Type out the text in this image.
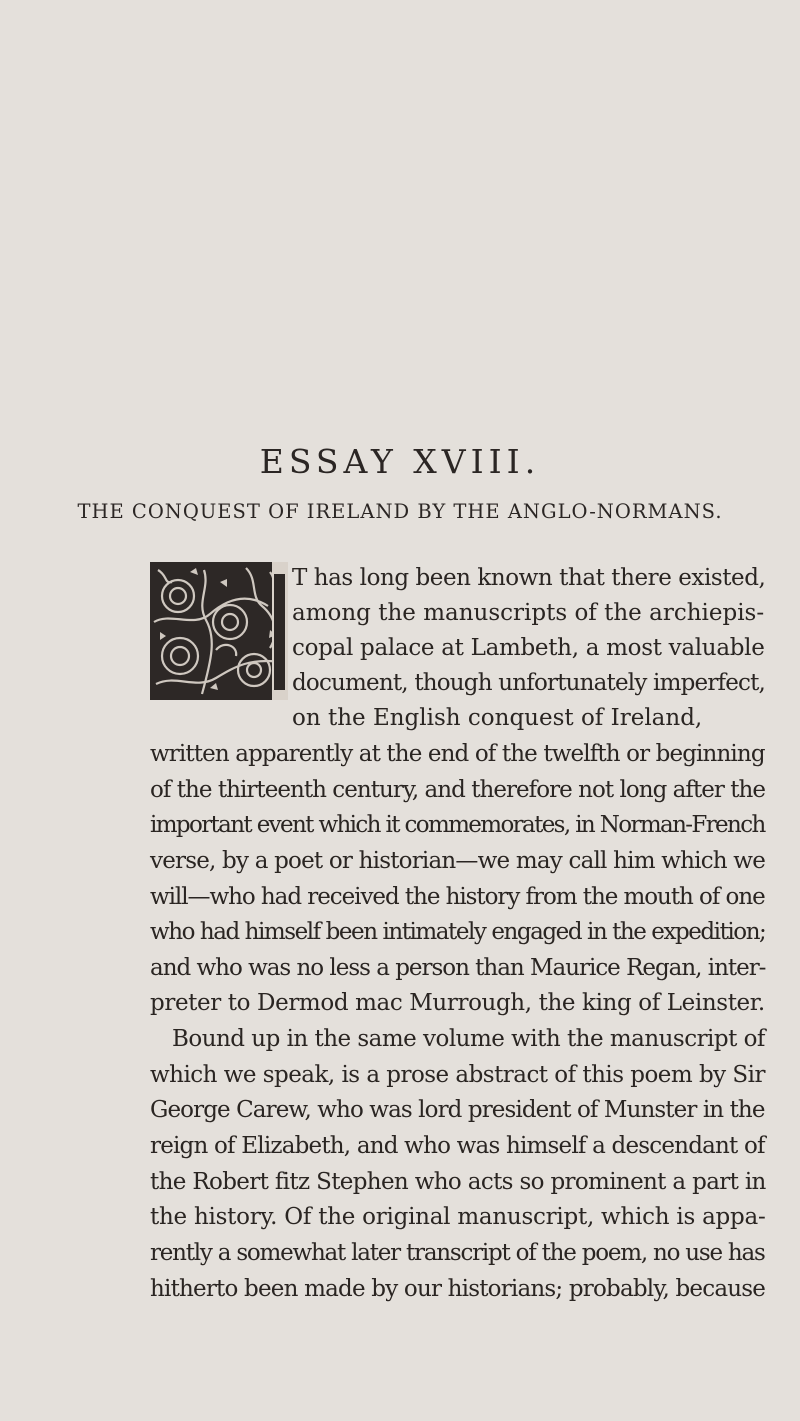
ESSAY XVIII.
THE CONQUEST OF IRELAND BY THE ANGLO-NORMANS.
T has long been known that there existed,
among the manuscripts of the archiepis-
copal palace at Lambeth, a most valuable
document, though unfortunately imperfect,
on the English conquest of Ireland,
written apparently at the end of the twelfth or beginning
of the thirteenth century, and therefore not long after the
important event which it commemorates, in Norman-French
verse, by a poet or historian—we may call him which we
will—who had received the history from the mouth of one
who had himself been intimately engaged in the expedition;
and who was no less a person than Maurice Regan, inter-
preter to Dermod mac Murrough, the king of Leinster.
Bound up in the same volume with the manuscript of
which we speak, is a prose abstract of this poem by Sir
George Carew, who was lord president of Munster in the
reign of Elizabeth, and who was himself a descendant of
the Robert fitz Stephen who acts so prominent a part in
the history. Of the original manuscript, which is appa-
rently a somewhat later transcript of the poem, no use has
hitherto been made by our historians; probably, because
